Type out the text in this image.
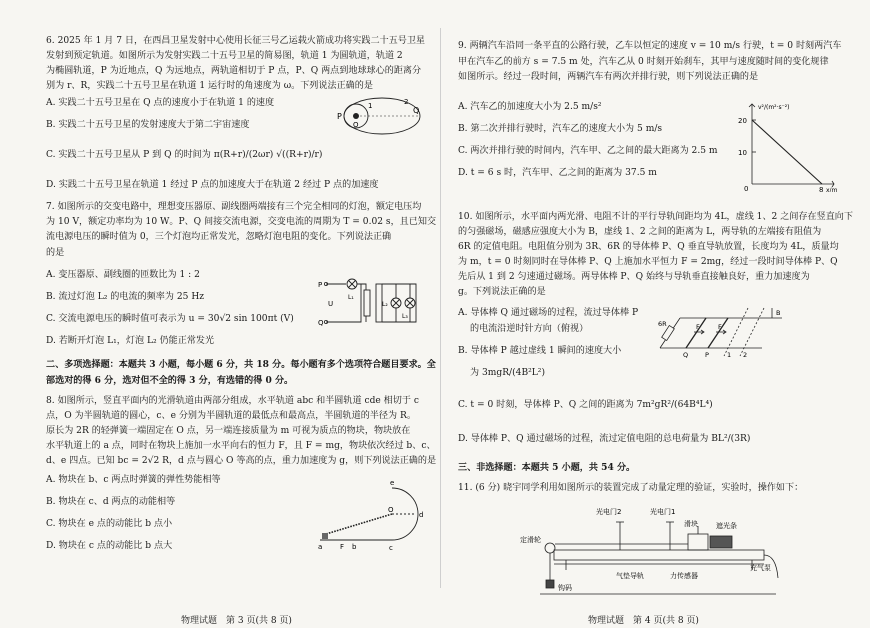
6. 2025 年 1 月 7 日，在西昌卫星发射中心使用长征三号乙运载火箭成功将实践二十五号卫星
发射到预定轨道。如图所示为发射实践二十五号卫星的简易图，轨道 1 为圆轨道，轨道 2
为椭圆轨道，P 为近地点，Q 为远地点，两轨道相切于 P 点，P、Q 两点到地球球心的距离分
别为 r、R，实践二十五号卫星在轨道 1 运行时的角速度为 ω。下列说法正确的是
A. 实践二十五号卫星在 Q 点的速度小于在轨道 1 的速度
B. 实践二十五号卫星的发射速度大于第二宇宙速度
C. 实践二十五号卫星从 P 到 Q 的时间为 π(R+r)/(2ωr) √((R+r)/r)
D. 实践二十五号卫星在轨道 1 经过 P 点的加速度大于在轨道 2 经过 P 点的加速度
P
Q
O
1	2
7. 如图所示的交变电路中，理想变压器原、副线圈两端接有三个完全相同的灯泡，额定电压均
为 10 V，额定功率均为 10 W。P、Q 间接交流电源，交变电流的周期为 T = 0.02 s，且已知交
流电源电压的瞬时值为 0，三个灯泡均正常发光，忽略灯泡电阻的变化。下列说法正确
的是
A. 变压器原、副线圈的匝数比为 1 : 2
B. 流过灯泡 L₂ 的电流的频率为 25 Hz
C. 交流电源电压的瞬时值可表示为 u = 30√2 sin 100πt (V)
D. 若断开灯泡 L₁，灯泡 L₂ 仍能正常发光
P
Q
U
L₁
L₂
L₃
二、多项选择题：本题共 3 小题，每小题 6 分，共 18 分。每小题有多个选项符合题目要求。全
部选对的得 6 分，选对但不全的得 3 分，有选错的得 0 分。
8. 如图所示，竖直平面内的光滑轨道由两部分组成，水平轨道 abc 和半圆轨道 cde 相切于 c
点，O 为半圆轨道的圆心，c、e 分别为半圆轨道的最低点和最高点，半圆轨道的半径为 R。
原长为 2R 的轻弹簧一端固定在 O 点，另一端连接质量为 m 可视为质点的物块，物块放在
水平轨道上的 a 点，同时在物块上施加一水平向右的恒力 F，且 F = mg，物块依次经过 b、c、
d、e 四点。已知 bc = 2√2 R，d 点与圆心 O 等高的点，重力加速度为 g，则下列说法正确的是
A. 物块在 b、c 两点时弹簧的弹性势能相等
B. 物块在 c、d 两点的动能相等
C. 物块在 e 点的动能比 b 点小
D. 物块在 c 点的动能比 b 点大	a	F b	c
d
e
O
物理试题　第 3 页(共 8 页)
9. 两辆汽车沿同一条平直的公路行驶，乙车以恒定的速度 v = 10 m/s 行驶，t = 0 时刻两汽车
甲在汽车乙的前方 s = 7.5 m 处，汽车乙从 0 时刻开始刹车，其甲与速度随时间的变化规律
如图所示。经过一段时间，两辆汽车有两次并排行驶，则下列说法正确的是
A. 汽车乙的加速度大小为 2.5 m/s²
B. 第二次并排行驶时，汽车乙的速度大小为 5 m/s
C. 两次并排行驶的时间内，汽车甲、乙之间的最大距离为 2.5 m
D. t = 6 s 时，汽车甲、乙之间的距离为 37.5 m
v²/(m²·s⁻²)
20
10
0	8 x/m
10. 如图所示，水平面内两光滑、电阻不计的平行导轨间距均为 4L，虚线 1、2 之间存在竖直向下
的匀强磁场，磁感应强度大小为 B，虚线 1、2 之间的距离为 L，两导轨的左端接有阻值为
6R 的定值电阻。电阻值分别为 3R、6R 的导体棒 P、Q 垂直导轨放置，长度均为 4L，质量均
为 m，t = 0 时刻同时在导体棒 P、Q 上施加水平恒力 F = 2mg，经过一段时间导体棒 P、Q
先后从 1 到 2 匀速通过磁场。两导体棒 P、Q 始终与导轨垂直接触良好，重力加速度为
g。下列说法正确的是
A. 导体棒 Q 通过磁场的过程，流过导体棒 P
　 的电流沿逆时针方向（俯视）
B. 导体棒 P 越过虚线 1 瞬间的速度大小
　 为 3mgR/(4B²L²)
C. t = 0 时刻，导体棒 P、Q 之间的距离为 7m²gR²/(64B⁴L⁴)
D. 导体棒 P、Q 通过磁场的过程，流过定值电阻的总电荷量为 BL²/(3R)
6R	F	F
Q	P	1 2
B
三、非选择题：本题共 5 小题，共 54 分。
11. (6 分) 晓宇同学利用如图所示的装置完成了动量定理的验证，实验时，操作如下：
光电门2	光电门1
滑块	遮光条
定滑轮
气垫导轨	力传感器
充气泵
钩码
物理试题　第 4 页(共 8 页)
